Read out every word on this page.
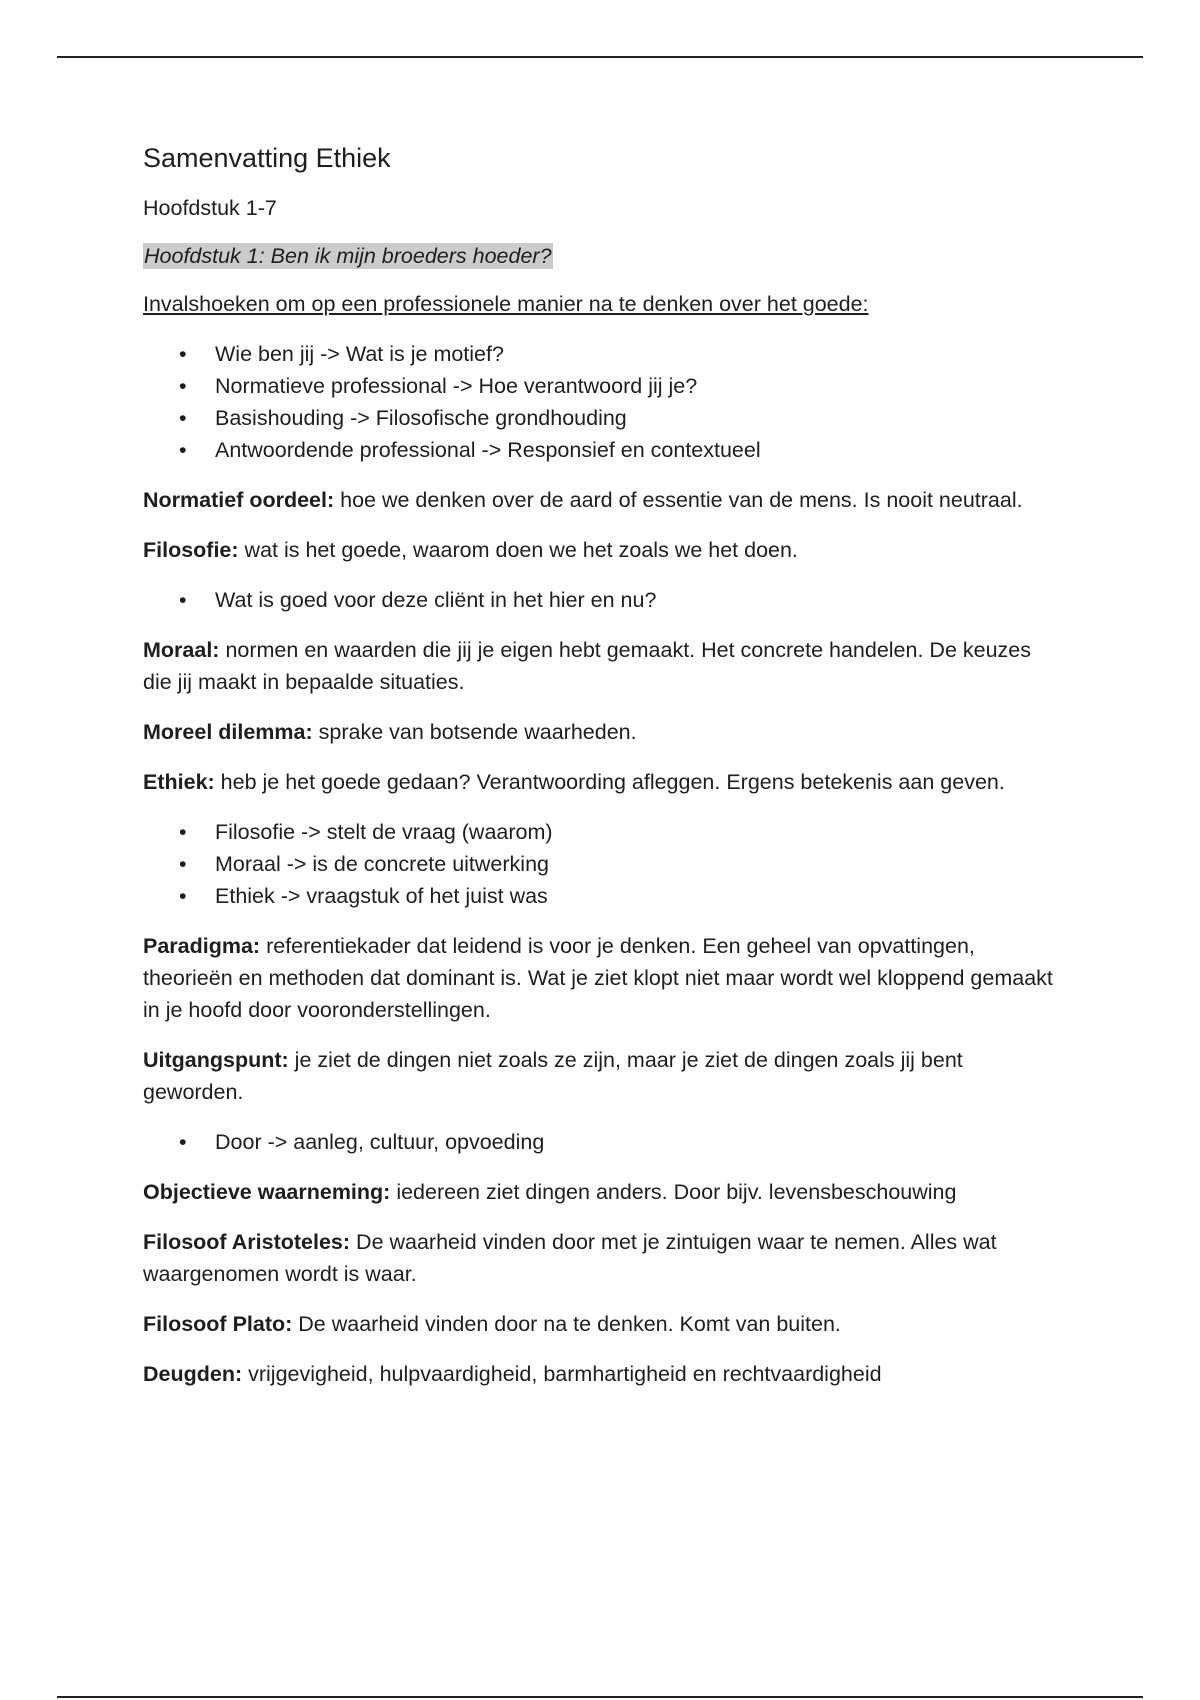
Samenvatting Ethiek
Hoofdstuk 1-7
Hoofdstuk 1: Ben ik mijn broeders hoeder?
Invalshoeken om op een professionele manier na te denken over het goede:
• Wie ben jij -> Wat is je motief?
• Normatieve professional -> Hoe verantwoord jij je?
• Basishouding -> Filosofische grondhouding
• Antwoordende professional -> Responsief en contextueel

Normatief oordeel: hoe we denken over de aard of essentie van de mens. Is nooit neutraal.

Filosofie: wat is het goede, waarom doen we het zoals we het doen.

• Wat is goed voor deze cliënt in het hier en nu?

Moraal: normen en waarden die jij je eigen hebt gemaakt. Het concrete handelen. De keuzes die jij maakt in bepaalde situaties.

Moreel dilemma: sprake van botsende waarheden.

Ethiek: heb je het goede gedaan? Verantwoording afleggen. Ergens betekenis aan geven.

• Filosofie -> stelt de vraag (waarom)
• Moraal -> is de concrete uitwerking
• Ethiek -> vraagstuk of het juist was

Paradigma: referentiekader dat leidend is voor je denken. Een geheel van opvattingen, theorieën en methoden dat dominant is. Wat je ziet klopt niet maar wordt wel kloppend gemaakt in je hoofd door vooronderstellingen.

Uitgangspunt: je ziet de dingen niet zoals ze zijn, maar je ziet de dingen zoals jij bent geworden.

• Door -> aanleg, cultuur, opvoeding

Objectieve waarneming: iedereen ziet dingen anders. Door bijv. levensbeschouwing

Filosoof Aristoteles: De waarheid vinden door met je zintuigen waar te nemen. Alles wat waargenomen wordt is waar.

Filosoof Plato: De waarheid vinden door na te denken. Komt van buiten.

Deugden: vrijgevigheid, hulpvaardigheid, barmhartigheid en rechtvaardigheid
